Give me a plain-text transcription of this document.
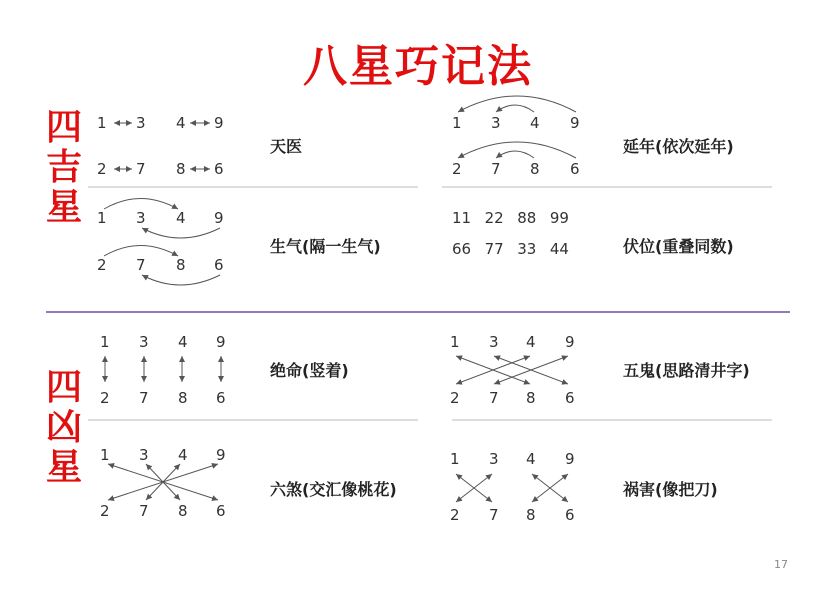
八星巧记法
四吉星
四凶星
1 3 4 9
2 7 8 6
天医
1 3 4 9
2 7 8 6
延年(依次延年)
1 3 4 9
2 7 8 6
生气(隔一生气)
11  22  88  99
66  77  33  44	伏位(重叠同数)
1 3 4 9
2 7 8 6
绝命(竖着)
1 3 4 9
2 7 8 6
五鬼(思路清井字)
1 3 4 9
2 7 8 6
六煞(交汇像桃花)
1 3 4 9
2 7 8 6
祸害(像把刀)
17
